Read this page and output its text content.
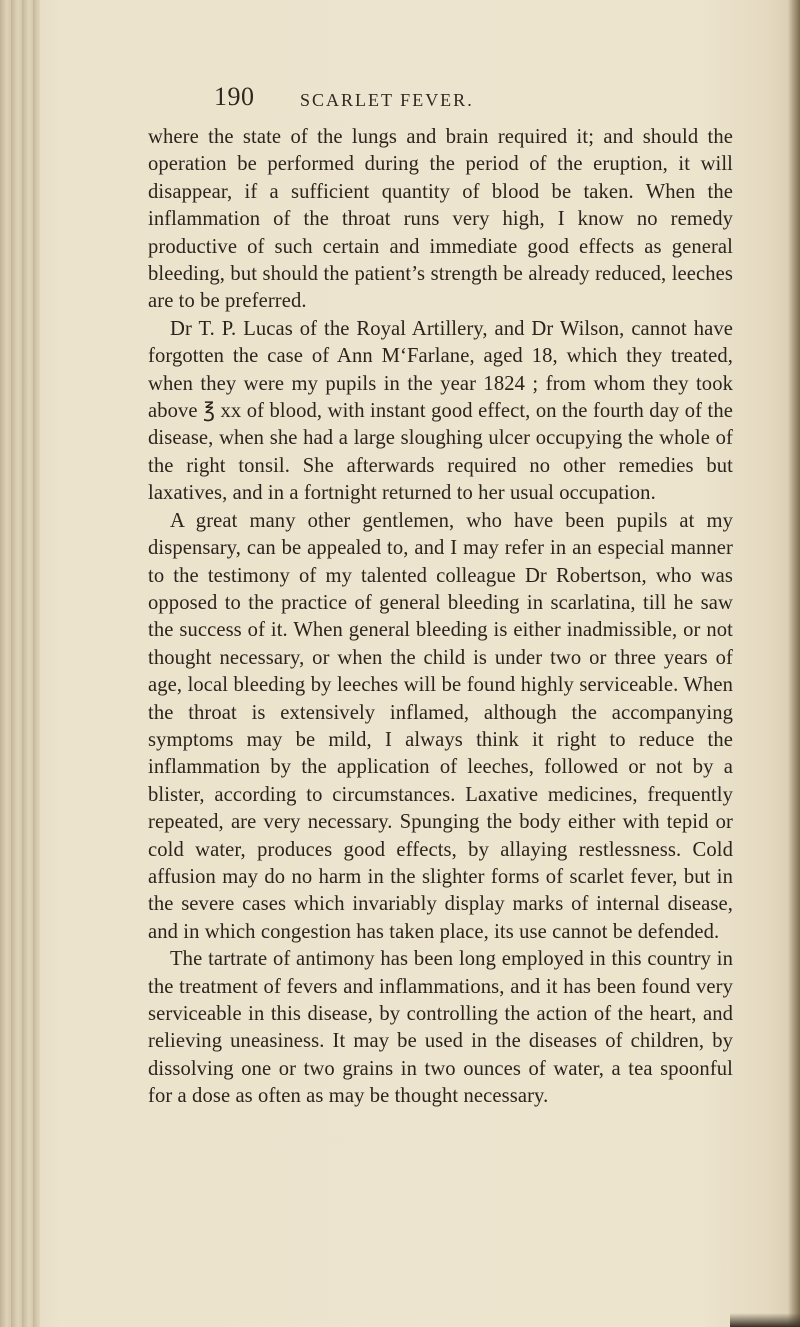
190	SCARLET FEVER.

where the state of the lungs and brain required it; and should the operation be performed during the period of the eruption, it will disappear, if a sufficient quantity of blood be taken. When the inflammation of the throat runs very high, I know no remedy productive of such certain and immediate good effects as general bleeding, but should the patient’s strength be already reduced, leeches are to be preferred.

Dr T. P. Lucas of the Royal Artillery, and Dr Wilson, cannot have forgotten the case of Ann M‘Farlane, aged 18, which they treated, when they were my pupils in the year 1824 ; from whom they took above ℥ xx of blood, with instant good effect, on the fourth day of the disease, when she had a large sloughing ulcer occupying the whole of the right tonsil. She afterwards required no other remedies but laxatives, and in a fortnight returned to her usual occupation.

A great many other gentlemen, who have been pupils at my dispensary, can be appealed to, and I may refer in an especial manner to the testimony of my talented colleague Dr Robertson, who was opposed to the practice of general bleeding in scarlatina, till he saw the success of it. When general bleeding is either inadmissible, or not thought necessary, or when the child is under two or three years of age, local bleeding by leeches will be found highly serviceable. When the throat is extensively inflamed, although the accompanying symptoms may be mild, I always think it right to reduce the inflammation by the application of leeches, followed or not by a blister, according to circumstances. Laxative medicines, frequently repeated, are very necessary. Spunging the body either with tepid or cold water, produces good effects, by allaying restlessness. Cold affusion may do no harm in the slighter forms of scarlet fever, but in the severe cases which invariably display marks of internal disease, and in which congestion has taken place, its use cannot be defended.

The tartrate of antimony has been long employed in this country in the treatment of fevers and inflammations, and it has been found very serviceable in this disease, by controlling the action of the heart, and relieving uneasiness. It may be used in the diseases of children, by dissolving one or two grains in two ounces of water, a tea spoonful for a dose as often as may be thought necessary.
